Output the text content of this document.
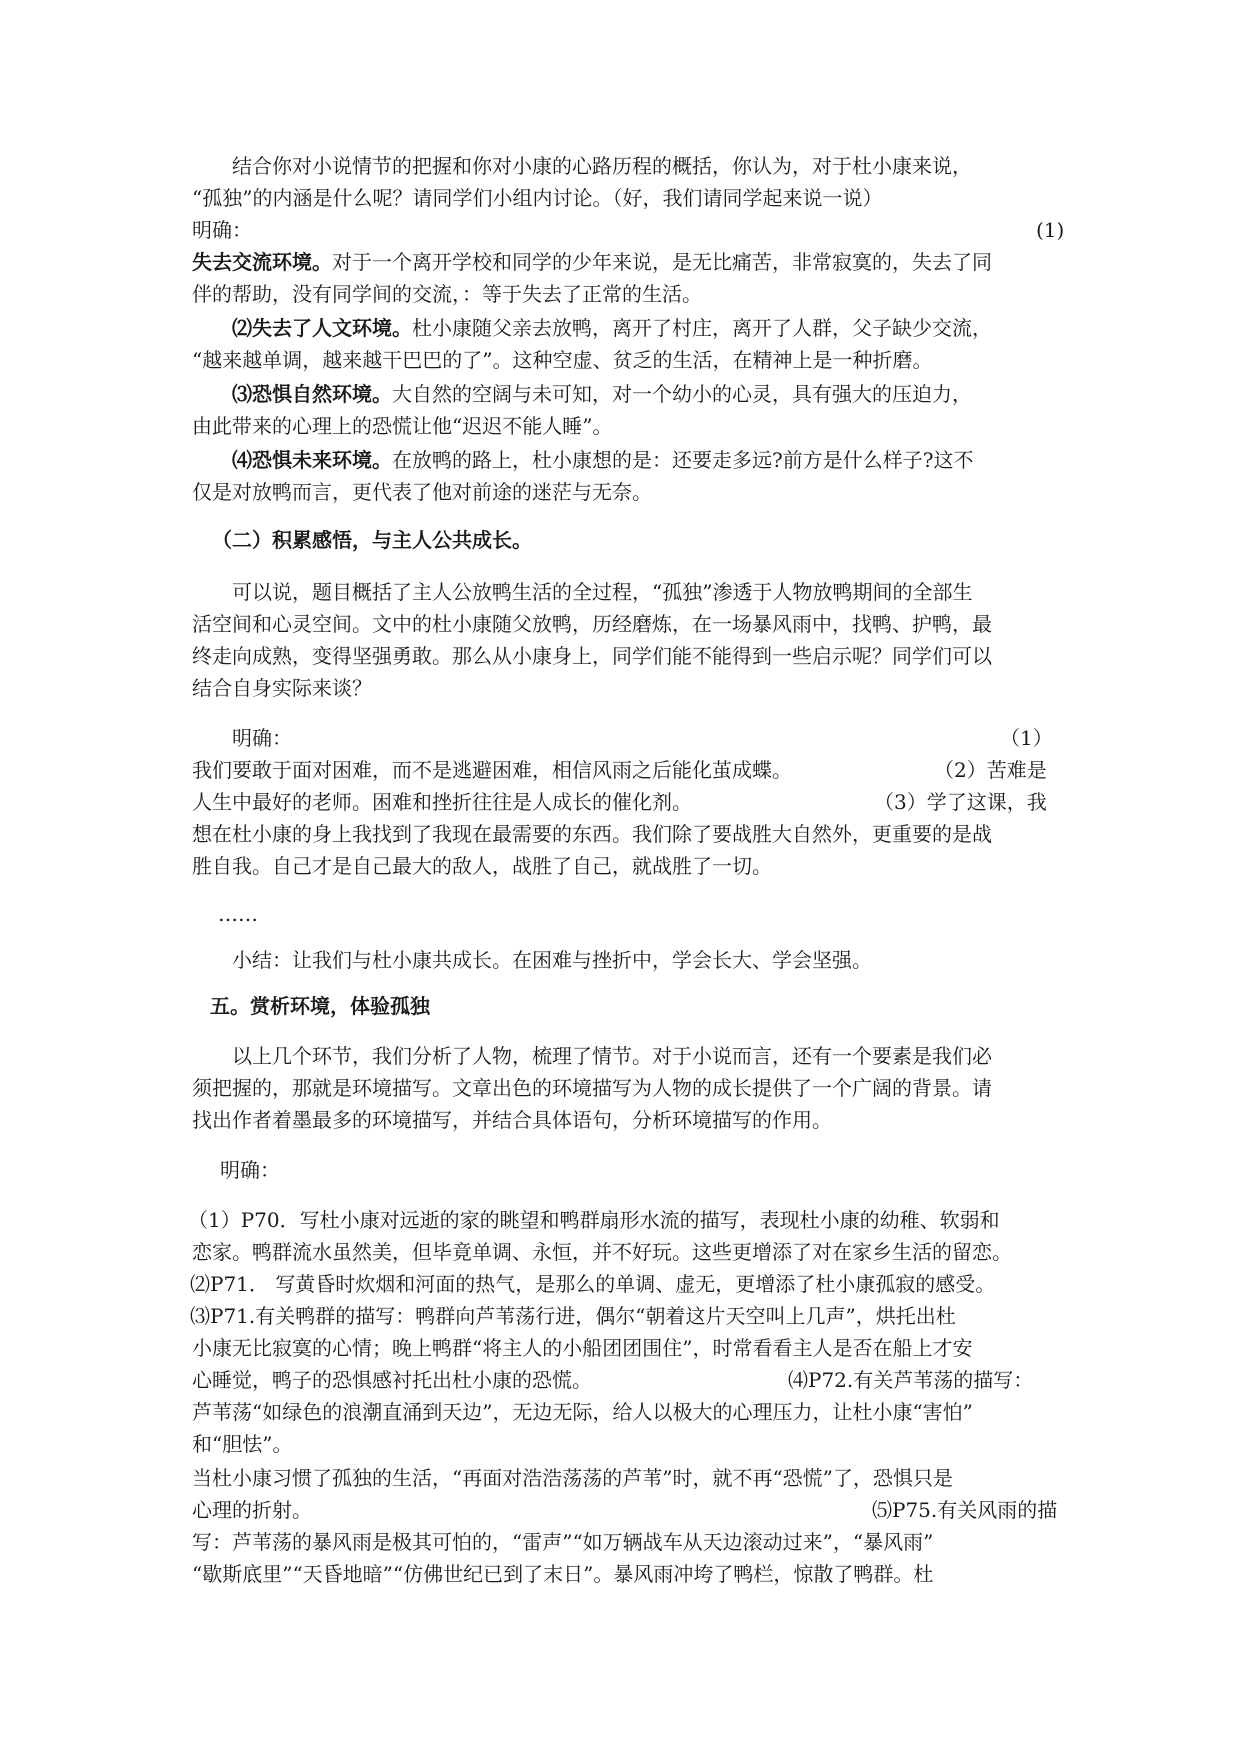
结合你对小说情节的把握和你对小康的心路历程的概括，你认为，对于杜小康来说，
“孤独”的内涵是什么呢？请同学们小组内讨论。（好，我们请同学起来说一说）
明确：	(1)
失去交流环境。对于一个离开学校和同学的少年来说，是无比痛苦，非常寂寞的，失去了同
伴的帮助，没有同学间的交流，：等于失去了正常的生活。
⑵失去了人文环境。杜小康随父亲去放鸭，离开了村庄，离开了人群，父子缺少交流，
“越来越单调，越来越干巴巴的了”。这种空虚、贫乏的生活，在精神上是一种折磨。
⑶恐惧自然环境。大自然的空阔与未可知，对一个幼小的心灵，具有强大的压迫力，
由此带来的心理上的恐慌让他“迟迟不能人睡”。
⑷恐惧未来环境。在放鸭的路上，杜小康想的是：还要走多远?前方是什么样子?这不
仅是对放鸭而言，更代表了他对前途的迷茫与无奈。
（二）积累感悟，与主人公共成长。
可以说，题目概括了主人公放鸭生活的全过程，“孤独”渗透于人物放鸭期间的全部生
活空间和心灵空间。文中的杜小康随父放鸭，历经磨炼，在一场暴风雨中，找鸭、护鸭，最
终走向成熟，变得坚强勇敢。那么从小康身上，同学们能不能得到一些启示呢？同学们可以
结合自身实际来谈？
明确：	（1）
我们要敢于面对困难，而不是逃避困难，相信风雨之后能化茧成蝶。	（2）苦难是
人生中最好的老师。困难和挫折往往是人成长的催化剂。	（3）学了这课，我
想在杜小康的身上我找到了我现在最需要的东西。我们除了要战胜大自然外，更重要的是战
胜自我。自己才是自己最大的敌人，战胜了自己，就战胜了一切。
……
小结：让我们与杜小康共成长。在困难与挫折中，学会长大、学会坚强。
五。赏析环境，体验孤独
以上几个环节，我们分析了人物，梳理了情节。对于小说而言，还有一个要素是我们必
须把握的，那就是环境描写。文章出色的环境描写为人物的成长提供了一个广阔的背景。请
找出作者着墨最多的环境描写，并结合具体语句，分析环境描写的作用。
明确：
（1）P70．写杜小康对远逝的家的眺望和鸭群扇形水流的描写，表现杜小康的幼稚、软弱和
恋家。鸭群流水虽然美，但毕竟单调、永恒，并不好玩。这些更增添了对在家乡生活的留恋。
⑵P71． 写黄昏时炊烟和河面的热气，是那么的单调、虚无，更增添了杜小康孤寂的感受。
⑶P71.有关鸭群的描写：鸭群向芦苇荡行进，偶尔“朝着这片天空叫上几声”，烘托出杜
小康无比寂寞的心情；晚上鸭群“将主人的小船团团围住”，时常看看主人是否在船上才安
心睡觉，鸭子的恐惧感衬托出杜小康的恐慌。	⑷P72.有关芦苇荡的描写：
芦苇荡“如绿色的浪潮直涌到天边”，无边无际，给人以极大的心理压力，让杜小康“害怕”
和“胆怯”。
当杜小康习惯了孤独的生活，“再面对浩浩荡荡的芦苇”时，就不再“恐慌”了，恐惧只是
心理的折射。	⑸P75.有关风雨的描
写：芦苇荡的暴风雨是极其可怕的，“雷声”“如万辆战车从天边滚动过来”，“暴风雨”
“歇斯底里”“天昏地暗”“仿佛世纪已到了末日”。暴风雨冲垮了鸭栏，惊散了鸭群。杜
